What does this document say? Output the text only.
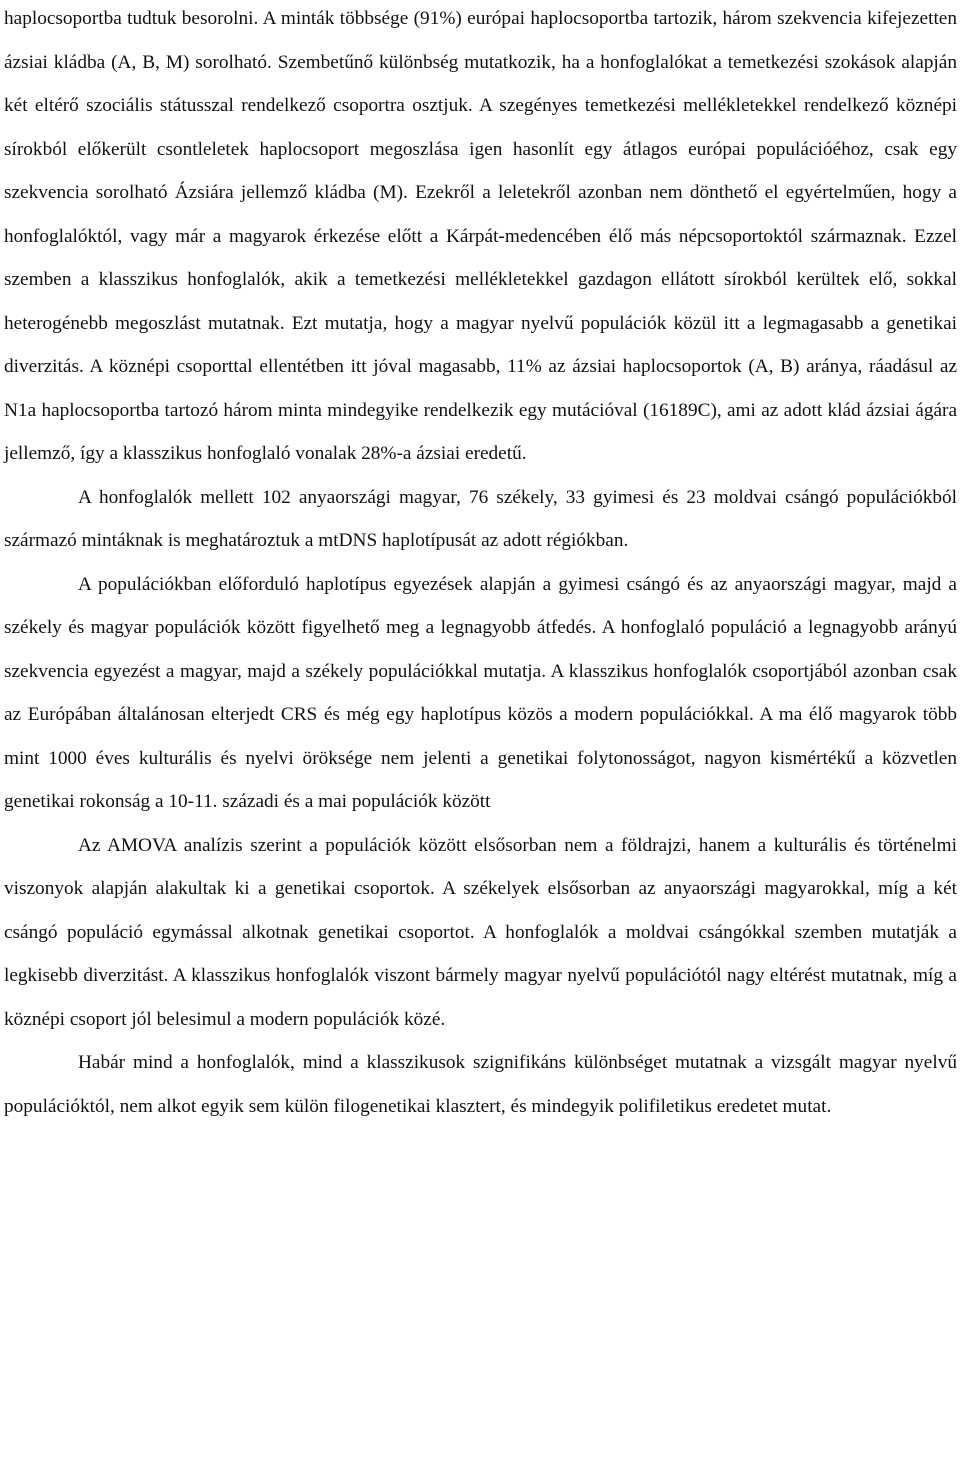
haplocsoportba tudtuk besorolni. A minták többsége (91%) európai haplocsoportba tartozik, három szekvencia kifejezetten ázsiai kládba (A, B, M) sorolható. Szembetűnő különbség mutatkozik, ha a honfoglalókat a temetkezési szokások alapján két eltérő szociális státusszal rendelkező csoportra osztjuk. A szegényes temetkezési mellékletekkel rendelkező köznépi sírokból előkerült csontleletek haplocsoport megoszlása igen hasonlít egy átlagos európai populációéhoz, csak egy szekvencia sorolható Ázsiára jellemző kládba (M). Ezekről a leletekről azonban nem dönthető el egyértelműen, hogy a honfoglalóktól, vagy már a magyarok érkezése előtt a Kárpát-medencében élő más népcsoportoktól származnak. Ezzel szemben a klasszikus honfoglalók, akik a temetkezési mellékletekkel gazdagon ellátott sírokból kerültek elő, sokkal heterogénebb megoszlást mutatnak. Ezt mutatja, hogy a magyar nyelvű populációk közül itt a legmagasabb a genetikai diverzitás. A köznépi csoporttal ellentétben itt jóval magasabb, 11% az ázsiai haplocsoportok (A, B) aránya, ráadásul az N1a haplocsoportba tartozó három minta mindegyike rendelkezik egy mutációval (16189C), ami az adott klád ázsiai ágára jellemző, így a klasszikus honfoglaló vonalak 28%-a ázsiai eredetű.

A honfoglalók mellett 102 anyaországi magyar, 76 székely, 33 gyimesi és 23 moldvai csángó populációkból származó mintáknak is meghatároztuk a mtDNS haplotípusát az adott régiókban.

A populációkban előforduló haplotípus egyezések alapján a gyimesi csángó és az anyaországi magyar, majd a székely és magyar populációk között figyelhető meg a legnagyobb átfedés. A honfoglaló populáció a legnagyobb arányú szekvencia egyezést a magyar, majd a székely populációkkal mutatja. A klasszikus honfoglalók csoportjából azonban csak az Európában általánosan elterjedt CRS és még egy haplotípus közös a modern populációkkal. A ma élő magyarok több mint 1000 éves kulturális és nyelvi öröksége nem jelenti a genetikai folytonosságot, nagyon kismértékű a közvetlen genetikai rokonság a 10-11. századi és a mai populációk között

Az AMOVA analízis szerint a populációk között elsősorban nem a földrajzi, hanem a kulturális és történelmi viszonyok alapján alakultak ki a genetikai csoportok. A székelyek elsősorban az anyaországi magyarokkal, míg a két csángó populáció egymással alkotnak genetikai csoportot. A honfoglalók a moldvai csángókkal szemben mutatják a legkisebb diverzitást. A klasszikus honfoglalók viszont bármely magyar nyelvű populációtól nagy eltérést mutatnak, míg a köznépi csoport jól belesimul a modern populációk közé.

Habár mind a honfoglalók, mind a klasszikusok szignifikáns különbséget mutatnak a vizsgált magyar nyelvű populációktól, nem alkot egyik sem külön filogenetikai klasztert, és mindegyik polifiletikus eredetet mutat.
